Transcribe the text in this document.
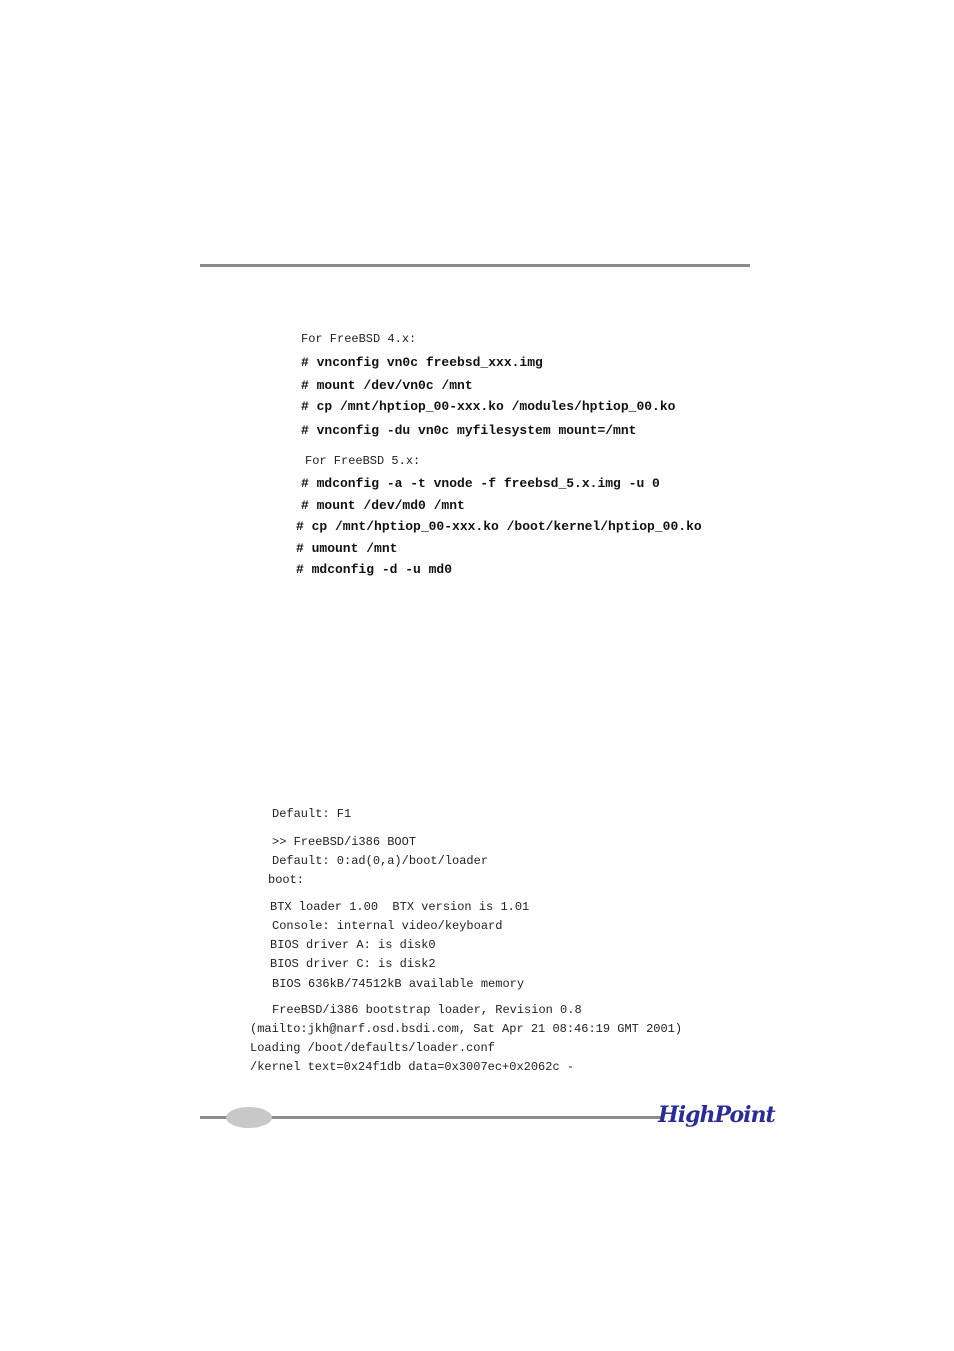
For FreeBSD 4.x:
# vnconfig vn0c freebsd_xxx.img
# mount /dev/vn0c /mnt
# cp /mnt/hptiop_00-xxx.ko /modules/hptiop_00.ko
# vnconfig -du vn0c myfilesystem mount=/mnt
For FreeBSD 5.x:
# mdconfig -a -t vnode -f freebsd_5.x.img -u 0
# mount /dev/md0 /mnt
# cp /mnt/hptiop_00-xxx.ko /boot/kernel/hptiop_00.ko
# umount /mnt
# mdconfig -d -u md0
Default: F1
>> FreeBSD/i386 BOOT
Default: 0:ad(0,a)/boot/loader
boot:
BTX loader 1.00  BTX version is 1.01
Console: internal video/keyboard
BIOS driver A: is disk0
BIOS driver C: is disk2
BIOS 636kB/74512kB available memory
FreeBSD/i386 bootstrap loader, Revision 0.8
(mailto:jkh@narf.osd.bsdi.com, Sat Apr 21 08:46:19 GMT 2001)
Loading /boot/defaults/loader.conf
/kernel text=0x24f1db data=0x3007ec+0x2062c -
HighPoint
